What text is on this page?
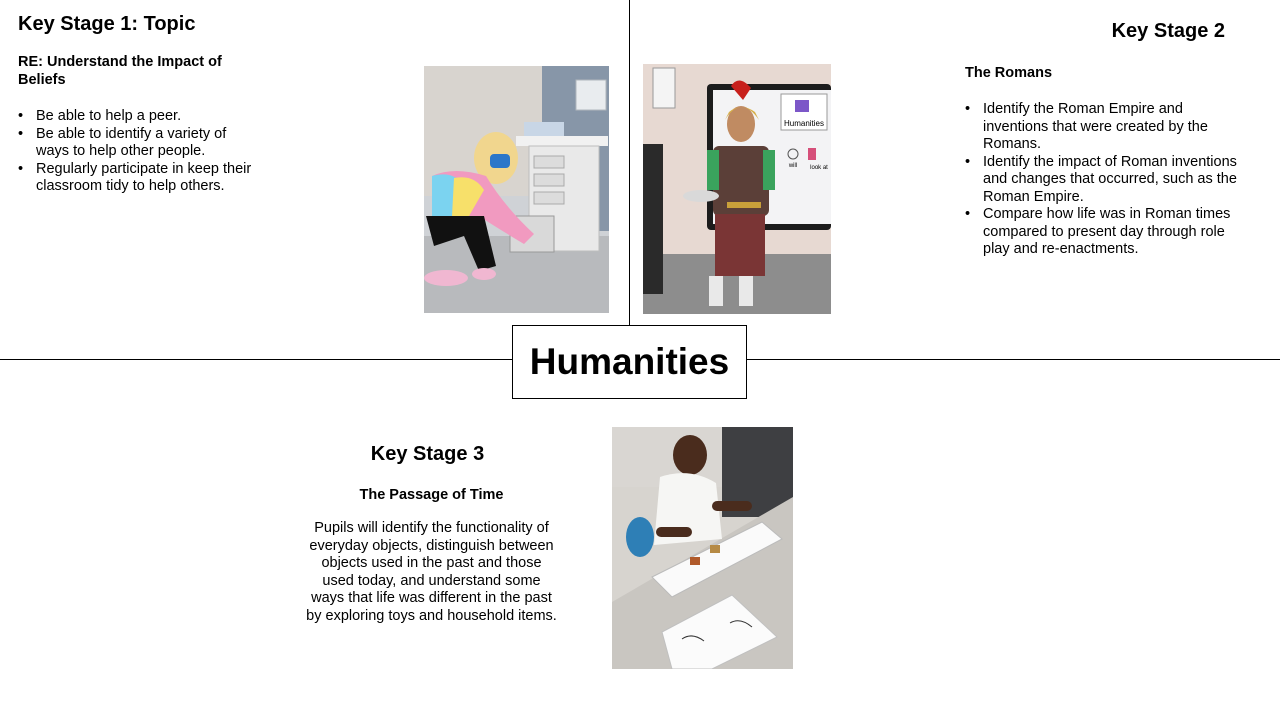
Humanities
Key Stage 1: Topic

RE: Understand the Impact of Beliefs

• Be able to help a peer.
• Be able to identify a variety of ways to help other people.
• Regularly participate in keep their classroom tidy to help others.
Humanities
will look at
Key Stage 2

The Romans

• Identify the Roman Empire and inventions that were created by the Romans.
• Identify the impact of Roman inventions and changes that occurred, such as the Roman Empire.
• Compare how life was in Roman times compared to present day through role play and re-enactments.
Key Stage 3

The Passage of Time

Pupils will identify the functionality of everyday objects, distinguish between objects used in the past and those used today, and understand some ways that life was different in the past by exploring toys and household items.
